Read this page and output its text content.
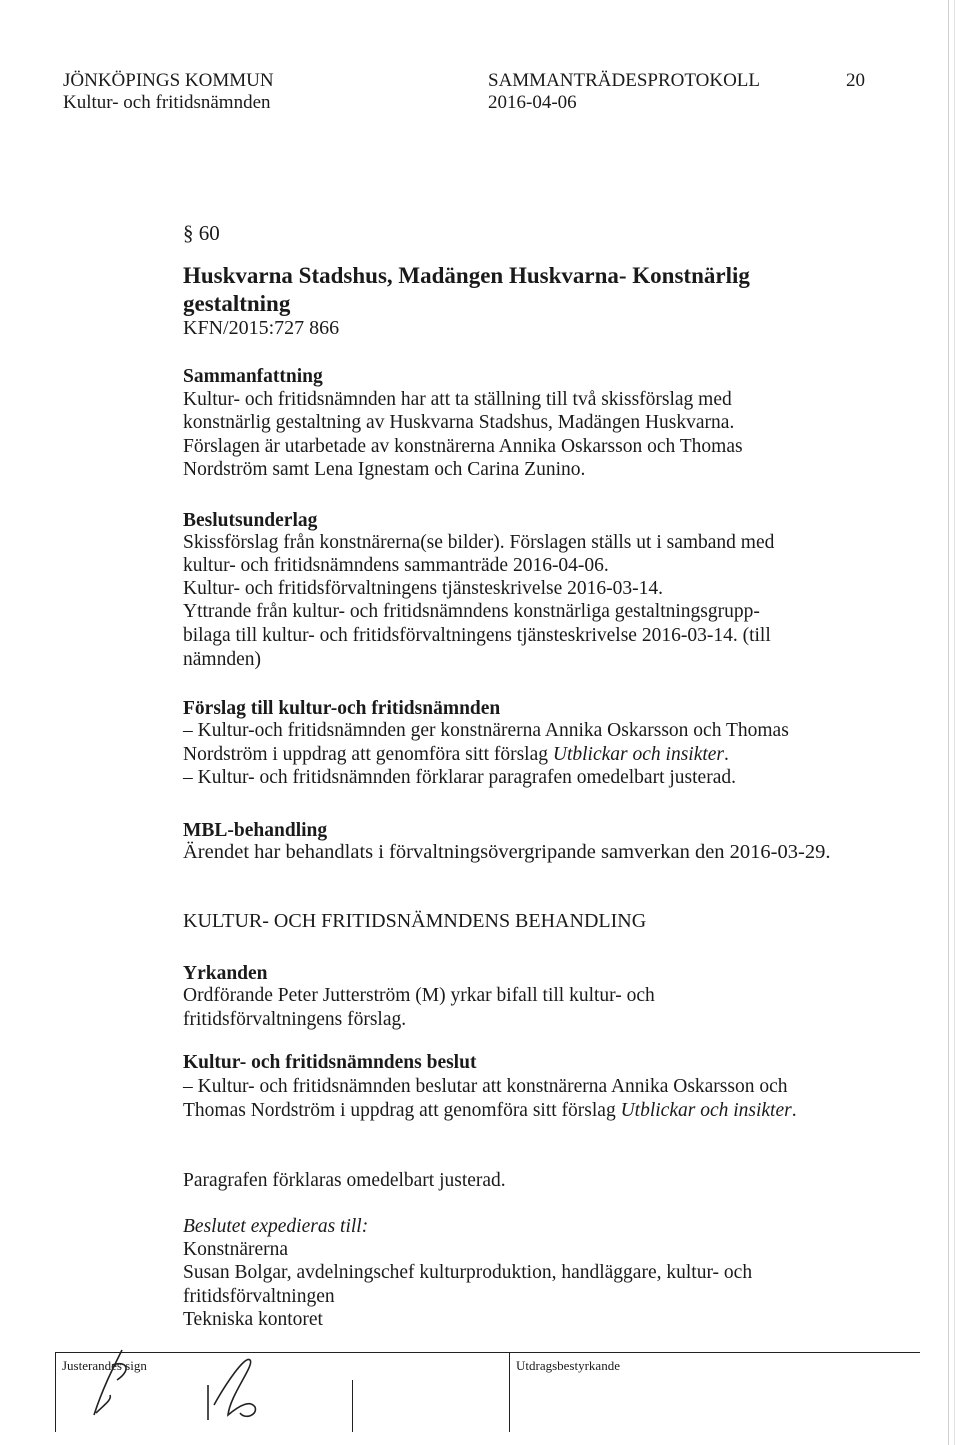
JÖNKÖPINGS KOMMUN
Kultur- och fritidsnämnden
SAMMANTRÄDESPROTOKOLL
2016-04-06
20
§ 60
Huskvarna Stadshus, Madängen Huskvarna- Konstnärlig
gestaltning
KFN/2015:727 866
Sammanfattning
Kultur- och fritidsnämnden har att ta ställning till två skissförslag med
konstnärlig gestaltning av Huskvarna Stadshus, Madängen Huskvarna.
Förslagen är utarbetade av konstnärerna Annika Oskarsson och Thomas
Nordström samt Lena Ignestam och Carina Zunino.
Beslutsunderlag
Skissförslag från konstnärerna(se bilder). Förslagen ställs ut i samband med
kultur- och fritidsnämndens sammanträde 2016-04-06.
Kultur- och fritidsförvaltningens tjänsteskrivelse 2016-03-14.
Yttrande från kultur- och fritidsnämndens konstnärliga gestaltningsgrupp-
bilaga till kultur- och fritidsförvaltningens tjänsteskrivelse 2016-03-14. (till
nämnden)
Förslag till kultur-och fritidsnämnden
– Kultur-och fritidsnämnden ger konstnärerna Annika Oskarsson och Thomas
Nordström i uppdrag att genomföra sitt förslag Utblickar och insikter.
– Kultur- och fritidsnämnden förklarar paragrafen omedelbart justerad.
MBL-behandling
Ärendet har behandlats i förvaltningsövergripande samverkan den 2016-03-29.
KULTUR- OCH FRITIDSNÄMNDENS BEHANDLING
Yrkanden
Ordförande Peter Jutterström (M) yrkar bifall till kultur- och
fritidsförvaltningens förslag.
Kultur- och fritidsnämndens beslut
– Kultur- och fritidsnämnden beslutar att konstnärerna Annika Oskarsson och
Thomas Nordström i uppdrag att genomföra sitt förslag Utblickar och insikter.
Paragrafen förklaras omedelbart justerad.
Beslutet expedieras till:
Konstnärerna
Susan Bolgar, avdelningschef kulturproduktion, handläggare, kultur- och
fritidsförvaltningen
Tekniska kontoret
Justerandes sign	Utdragsbestyrkande
